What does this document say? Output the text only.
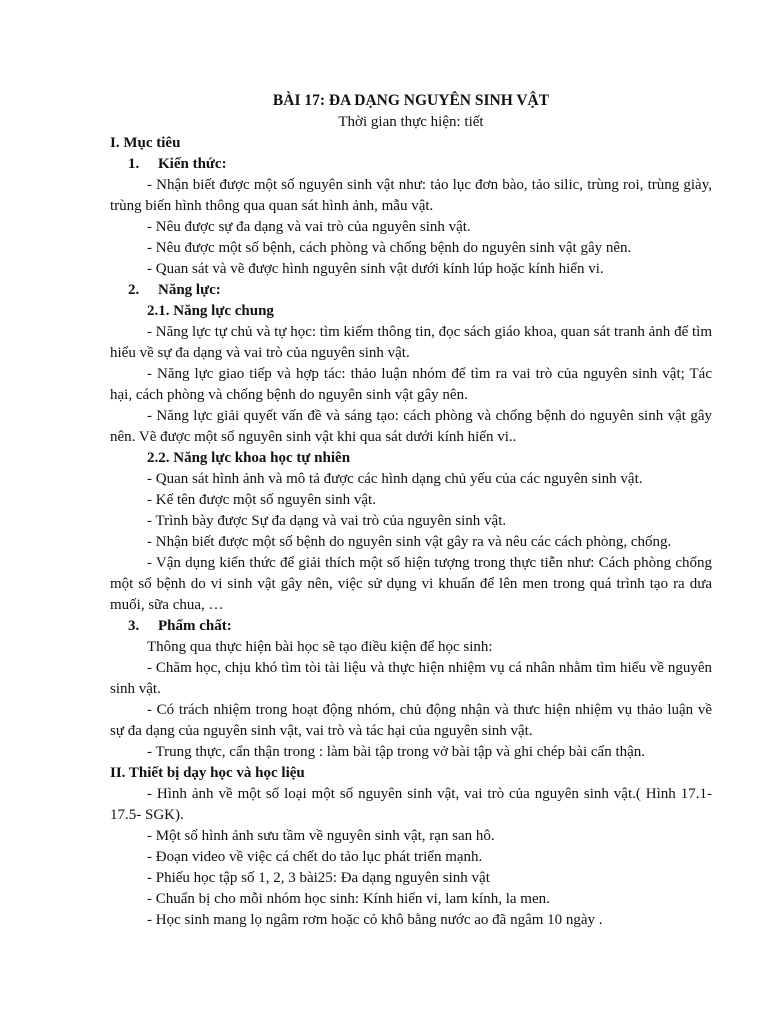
BÀI 17: ĐA DẠNG NGUYÊN SINH VẬT

Thời gian thực hiện: tiết

I. Mục tiêu

1. Kiến thức:

- Nhận biết được một số nguyên sinh vật như: tảo lục đơn bào, tảo silic, trùng roi, trùng giày, trùng biến hình thông qua quan sát hình ảnh, mẫu vật.

- Nêu được sự đa dạng và vai trò của nguyên sinh vật.

- Nêu được một số bệnh, cách phòng và chống bệnh do nguyên sinh vật gây nên.

- Quan sát và vẽ được hình nguyên sinh vật dưới kính lúp hoặc kính hiển vi.

2. Năng lực:

2.1. Năng lực chung

- Năng lực tự chủ và tự học: tìm kiếm thông tin, đọc sách giáo khoa, quan sát tranh ảnh để tìm hiểu về sự đa dạng và vai trò của nguyên sinh vật.

- Năng lực giao tiếp và hợp tác: thảo luận nhóm để tìm ra vai trò của nguyên sinh vật; Tác hại, cách phòng và chống bệnh do nguyên sinh vật gây nên.

- Năng lực giải quyết vấn đề và sáng tạo: cách phòng và chống bệnh do nguyên sinh vật gây nên. Vẽ được một số nguyên sinh vật khi qua sát dưới kính hiển vi..

2.2. Năng lực khoa học tự nhiên

- Quan sát hình ảnh và mô tả được các hình dạng chủ yếu của các nguyên sinh vật.

- Kể tên được một số nguyên sinh vật.

- Trình bày được Sự đa dạng và vai trò của nguyên sinh vật.

- Nhận biết được một số bệnh do nguyên sinh vật gây ra và nêu các cách phòng, chống.

- Vận dụng kiến thức để giải thích một số hiện tượng trong thực tiễn như: Cách phòng chống một số bệnh do vi sinh vật gây nên, việc sử dụng vi khuẩn để lên men trong quá trình tạo ra dưa muối, sữa chua, …

3. Phẩm chất:

Thông qua thực hiện bài học sẽ tạo điều kiện để học sinh:

- Chăm học, chịu khó tìm tòi tài liệu và thực hiện nhiệm vụ cá nhân nhằm tìm hiểu về nguyên sinh vật.

- Có trách nhiệm trong hoạt động nhóm, chủ động nhận và thưc hiện nhiệm vụ thảo luận về sự đa dạng của nguyên sinh vật, vai trò và tác hại của nguyên sinh vật.

- Trung thực, cẩn thận trong : làm bài tập trong vở bài tập và ghi chép bài cẩn thận.

II. Thiết bị dạy học và học liệu

- Hình ảnh về một số loại một số nguyên sinh vật, vai trò của nguyên sinh vật.( Hình 17.1-17.5- SGK).

- Một số hình ảnh sưu tầm về nguyên sinh vật, rạn san hô.

- Đoạn video về việc cá chết do tảo lục phát triển mạnh.

- Phiếu học tập số 1, 2, 3 bài25: Đa dạng nguyên sinh vật

- Chuẩn bị cho mỗi nhóm học sinh: Kính hiển vi, lam kính, la men.

- Học sinh mang lọ ngâm rơm hoặc cỏ khô bằng nước ao đã ngâm 10 ngày .
